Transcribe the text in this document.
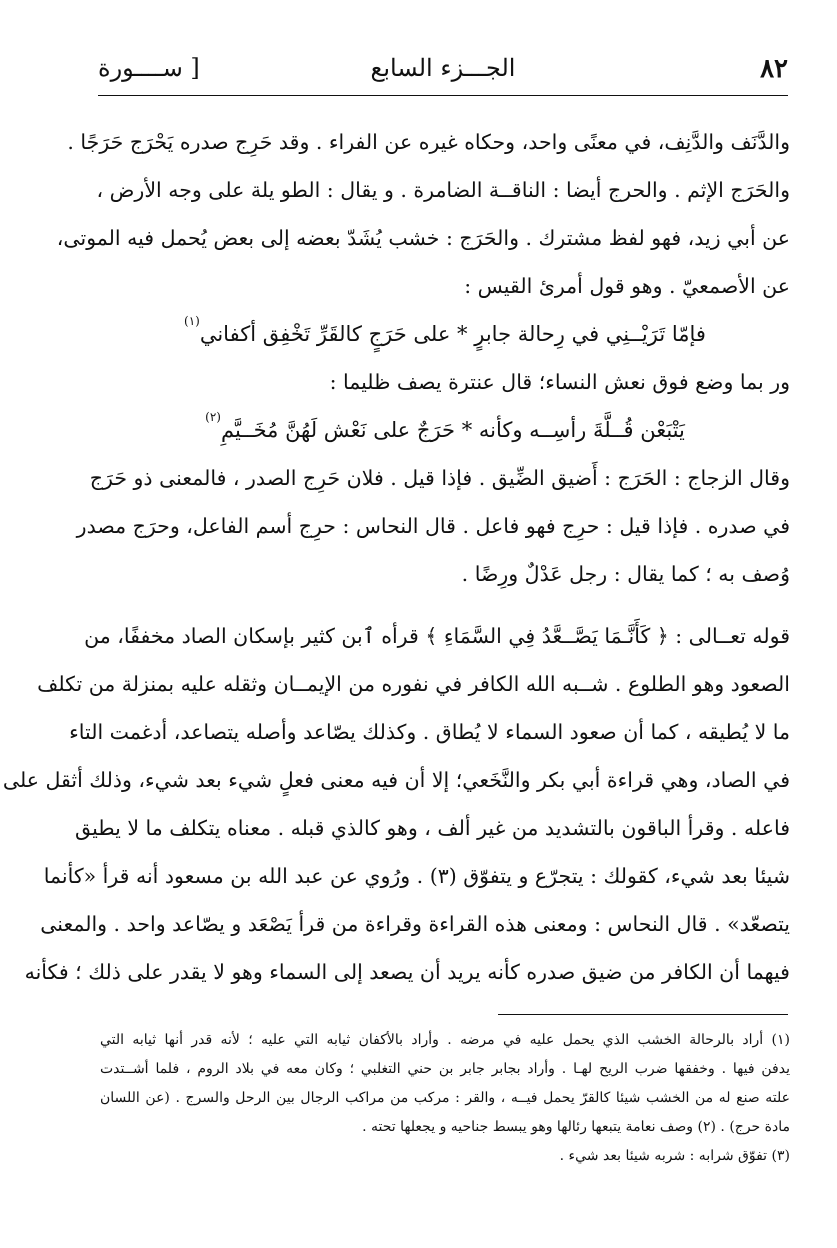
٨٢
الجـــزء السابع
[ ســــورة
والدَّنَف والدَّنِف، في معنًى واحد، وحكاه غيره عن الفراء . وقد حَرِج صدره يَحْرَج حَرَجًا .
والحَرَج الإثم . والحرج أيضا : الناقــة الضامرة . و يقال : الطو يلة على وجه الأرض ،
عن أبي زيد، فهو لفظ مشترك . والحَرَج : خشب يُشَدّ بعضه إلى بعض يُحمل فيه الموتى،
عن الأصمعيّ . وهو قول أمرئ القيس :
فإمّا تَرَيْــنِي في رِحالة جابرٍ * على حَرَجٍ كالقَرِّ تَخْفِق أكفاني$^{(١)}$
ور بما وضع فوق نعش النساء؛ قال عنترة يصف ظليما :
يَتْبَعْن قُــلَّةَ رأسِــه وكأنه * حَرَجٌ على نَعْش لَهُنَّ مُخَــيَّمِ$^{(٢)}$
وقال الزجاج : الحَرَج : أَضيق الضِّيق . فإذا قيل . فلان حَرِج الصدر ، فالمعنى ذو حَرَج
في صدره . فإذا قيل : حرِج فهو فاعل . قال النحاس : حرِج أسم الفاعل، وحرَج مصدر
وُصف به ؛ كما يقال : رجل عَدْلٌ ورِضًا .
قوله تعــالى : ﴿ كَأَنَّـمَا يَصَّــعَّدُ فِي السَّمَاءِ ﴾ قرأه ٱبن كثير بإسكان الصاد مخففًا، من
الصعود وهو الطلوع . شــبه الله الكافر في نفوره من الإيمــان وثقله عليه بمنزلة من تكلف
ما لا يُطيقه ، كما أن صعود السماء لا يُطاق . وكذلك يصّاعد وأصله يتصاعد، أدغمت التاء
في الصاد، وهي قراءة أبي بكر والنَّخَعي؛ إلا أن فيه معنى فعلٍ شيء بعد شيء، وذلك أثقل على
فاعله . وقرأ الباقون بالتشديد من غير ألف ، وهو كالذي قبله . معناه يتكلف ما لا يطيق
شيئا بعد شيء، كقولك : يتجرّع و يتفوّق (٣) . ورُوي عن عبد الله بن مسعود أنه قرأ «كأنما
يتصعّد» . قال النحاس : ومعنى هذه القراءة وقراءة من قرأ يَصْعَد و يصّاعد واحد . والمعنى
فيهما أن الكافر من ضيق صدره كأنه يريد أن يصعد إلى السماء وهو لا يقدر على ذلك ؛ فكأنه
(١) أراد بالرحالة الخشب الذي يحمل عليه في مرضه . وأراد بالأكفان ثيابه التي عليه ؛ لأنه قدر أنها ثيابه التي
يدفن فيها . وخفقها ضرب الريح لهـا . وأراد بجابر جابر بن حني التغلبي ؛ وكان معه في بلاد الروم ، فلما أشــتدت
علته صنع له من الخشب شيئا كالقرّ يحمل فيــه ، والقر : مركب من مراكب الرجال بين الرحل والسرج . (عن اللسان
مادة حرج) . (٢) وصف نعامة يتبعها رئالها وهو يبسط جناحيه و يجعلها تحته .
(٣) تفوّق شرابه : شربه شيئا بعد شيء .
